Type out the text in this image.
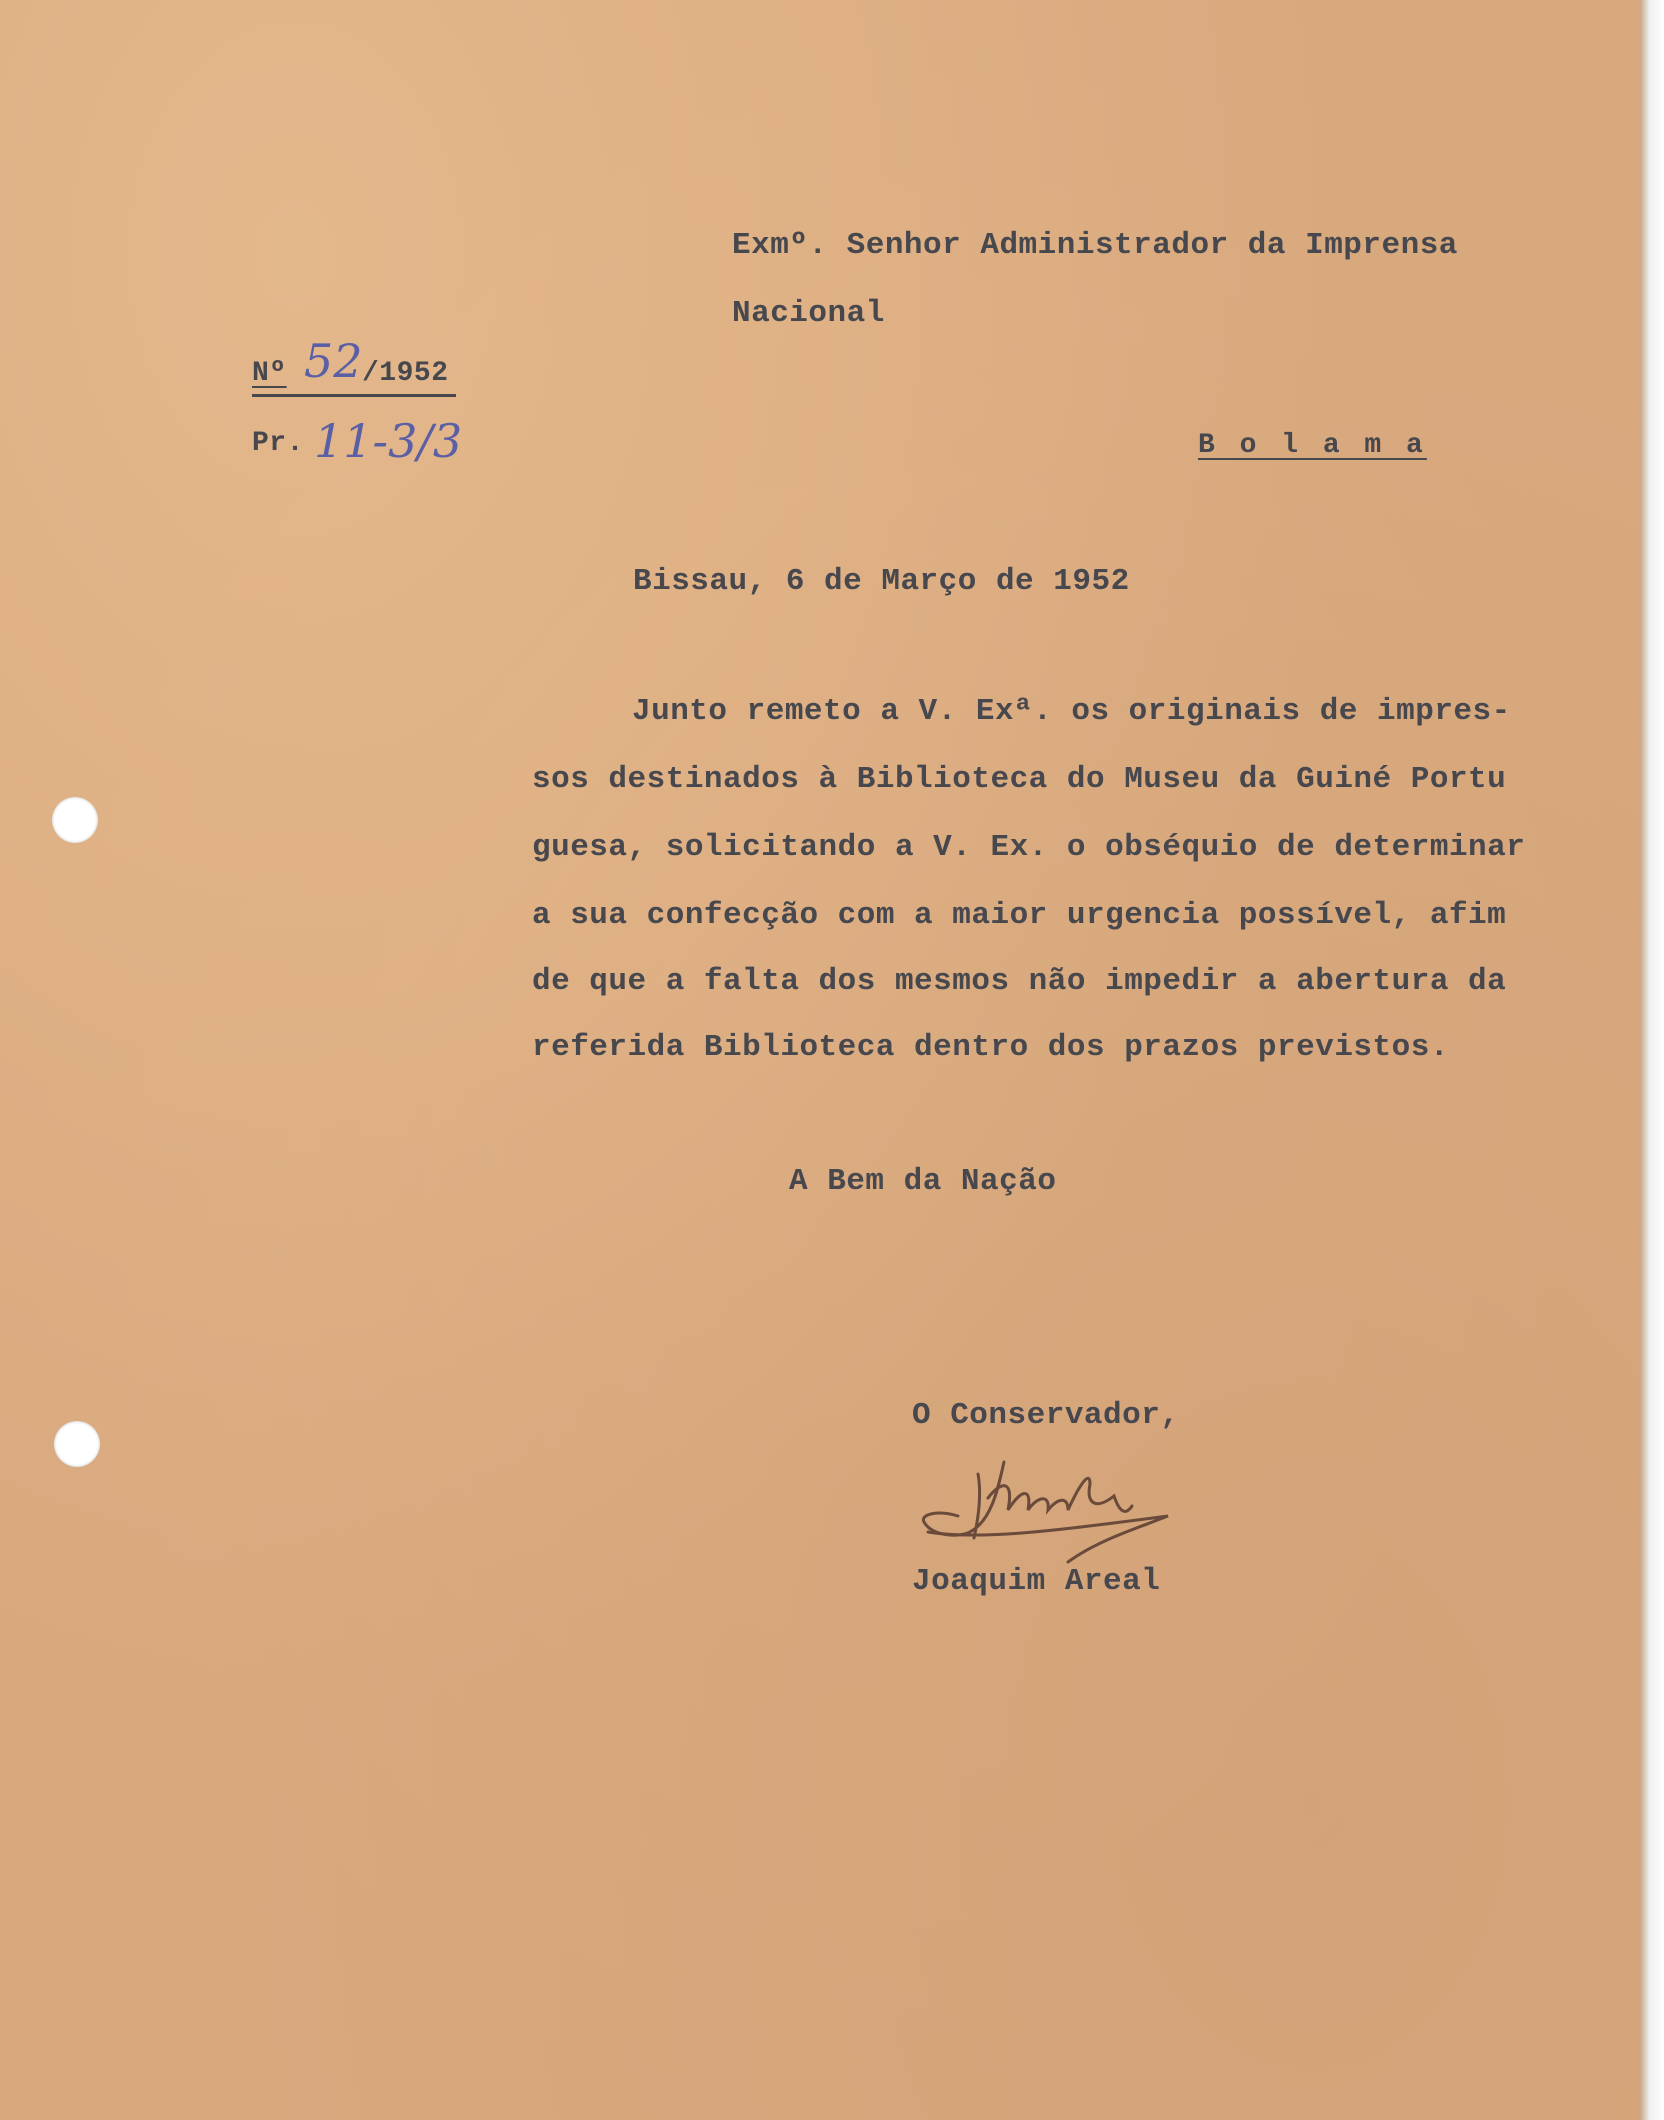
Exmº. Senhor Administrador da Imprensa
Nacional
Nº 52 /1952
Pr. 11-3/3	B o l a m a
Bissau, 6 de Março de 1952
Junto remeto a V. Exª. os originais de impres-
sos destinados à Biblioteca do Museu da Guiné Portu
guesa, solicitando a V. Ex. o obséquio de determinar
a sua confecção com a maior urgencia possível, afim
de que a falta dos mesmos não impedir a abertura da
referida Biblioteca dentro dos prazos previstos.
A Bem da Nação
O Conservador,
Joaquim Areal
